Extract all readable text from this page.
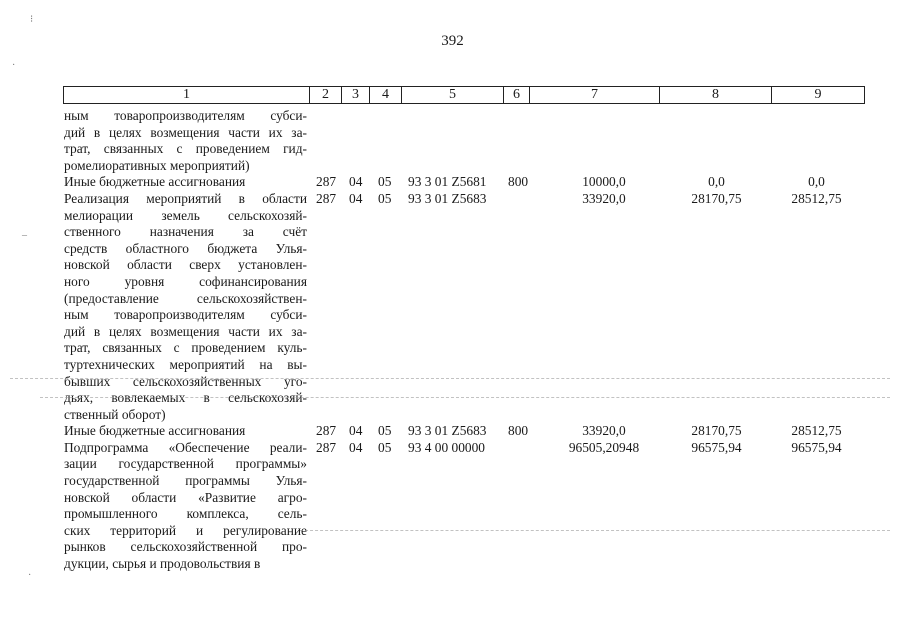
392
1	2	3	4	5	6	7	8	9
ным товаропроизводителям субси-
дий в целях возмещения части их за-
трат, связанных с проведением гид-
ромелиоративных мероприятий)
Иные бюджетные ассигнования	287 04 05 93 3 01 Z5681 800	10000,0	0,0	0,0
Реализация мероприятий в области
мелиорации земель сельскохозяй-
ственного назначения за счёт
средств областного бюджета Улья-
новской области сверх установлен-
ного уровня софинансирования
(предоставление сельскохозяйствен-
ным товаропроизводителям субси-
дий в целях возмещения части их за-
трат, связанных с проведением куль-
туртехнических мероприятий на вы-
бывших сельскохозяйственных уго-
дьях, вовлекаемых в сельскохозяй-
ственный оборот)
287 04 05 93 3 01 Z5683	33920,0	28170,75	28512,75
Иные бюджетные ассигнования	287 04 05 93 3 01 Z5683 800	33920,0	28170,75	28512,75
Подпрограмма «Обеспечение реали-
зации государственной программы»
государственной программы Улья-
новской области «Развитие агро-
промышленного комплекса, сель-
ских территорий и регулирование
рынков сельскохозяйственной про-
дукции, сырья и продовольствия в
287 04 05 93 4 00 00000	96505,20948	96575,94	96575,94
⁝
·
–
·
